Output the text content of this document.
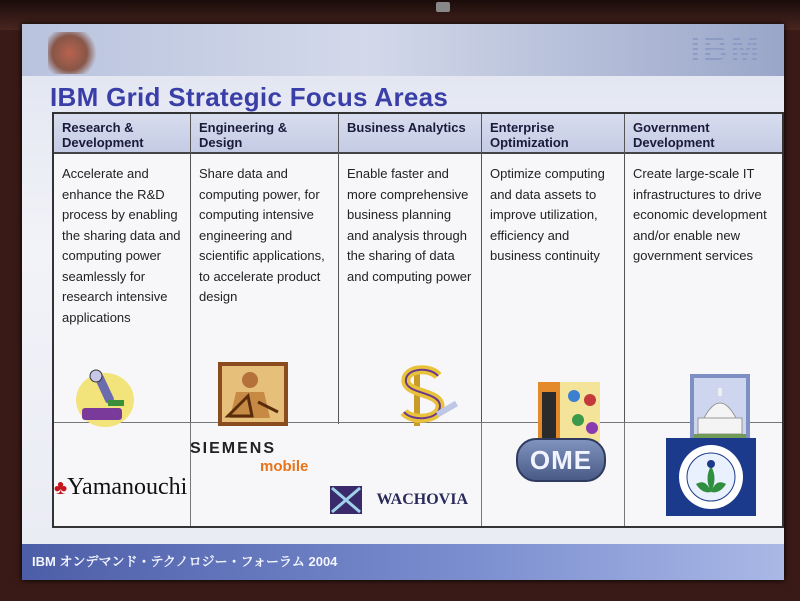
IBM
IBM Grid Strategic Focus Areas
Research & Development
Engineering & Design
Business Analytics	Enterprise Optimization
Government Development
Accelerate and enhance the R&D process by enabling the sharing data and computing power seamlessly for research intensive applications
Share data and computing power, for computing intensive engineering and scientific applications, to accelerate product design
Enable faster and more comprehensive business planning and analysis through the sharing of data and computing power
Optimize computing and data assets to improve utilization, efficiency and business continuity
Create large-scale IT infrastructures to drive economic development and/or enable new government services
♣Yamanouchi
SIEMENS
mobile
WACHOVIA
OME
IBM オンデマンド・テクノロジー・フォーラム 2004
